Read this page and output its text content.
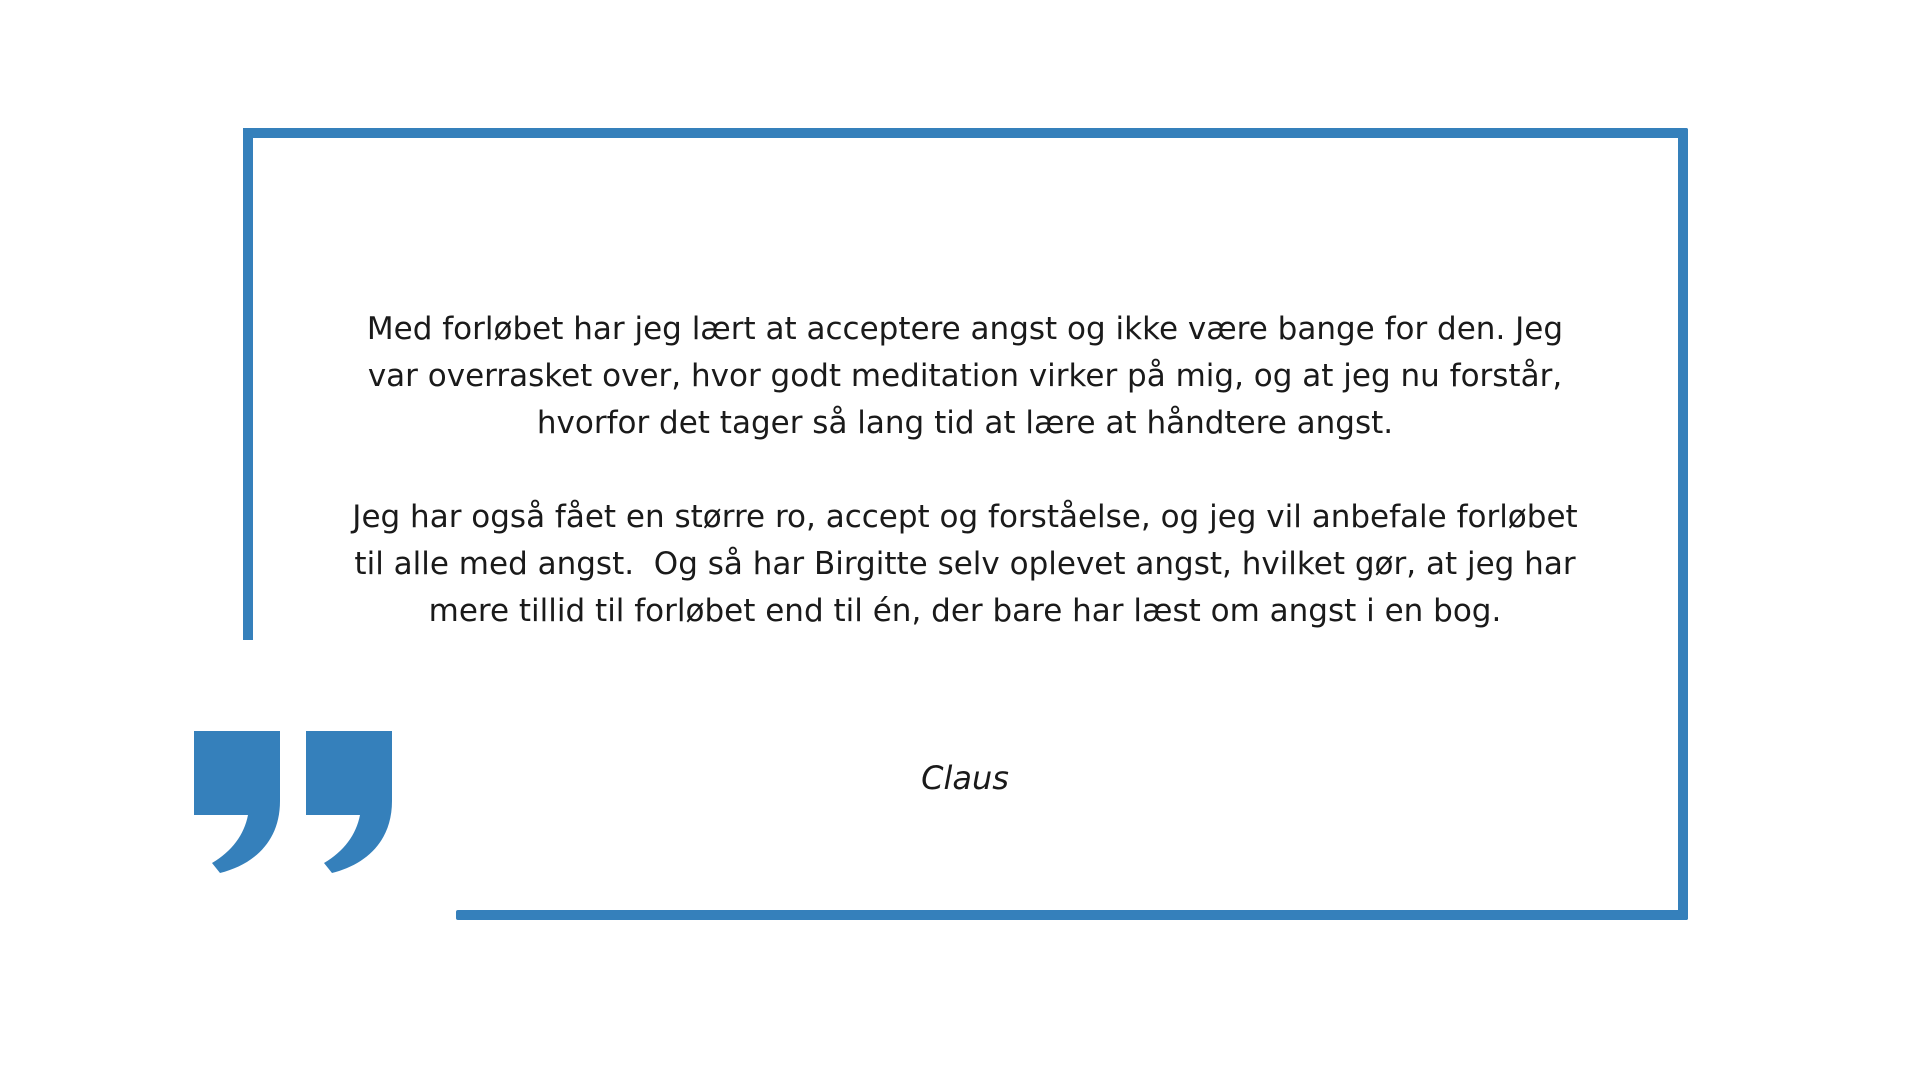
Med forløbet har jeg lært at acceptere angst og ikke være bange for den. Jeg
var overrasket over, hvor godt meditation virker på mig, og at jeg nu forstår,
hvorfor det tager så lang tid at lære at håndtere angst.

Jeg har også fået en større ro, accept og forståelse, og jeg vil anbefale forløbet
til alle med angst.  Og så har Birgitte selv oplevet angst, hvilket gør, at jeg har
mere tillid til forløbet end til én, der bare har læst om angst i en bog.

Claus
